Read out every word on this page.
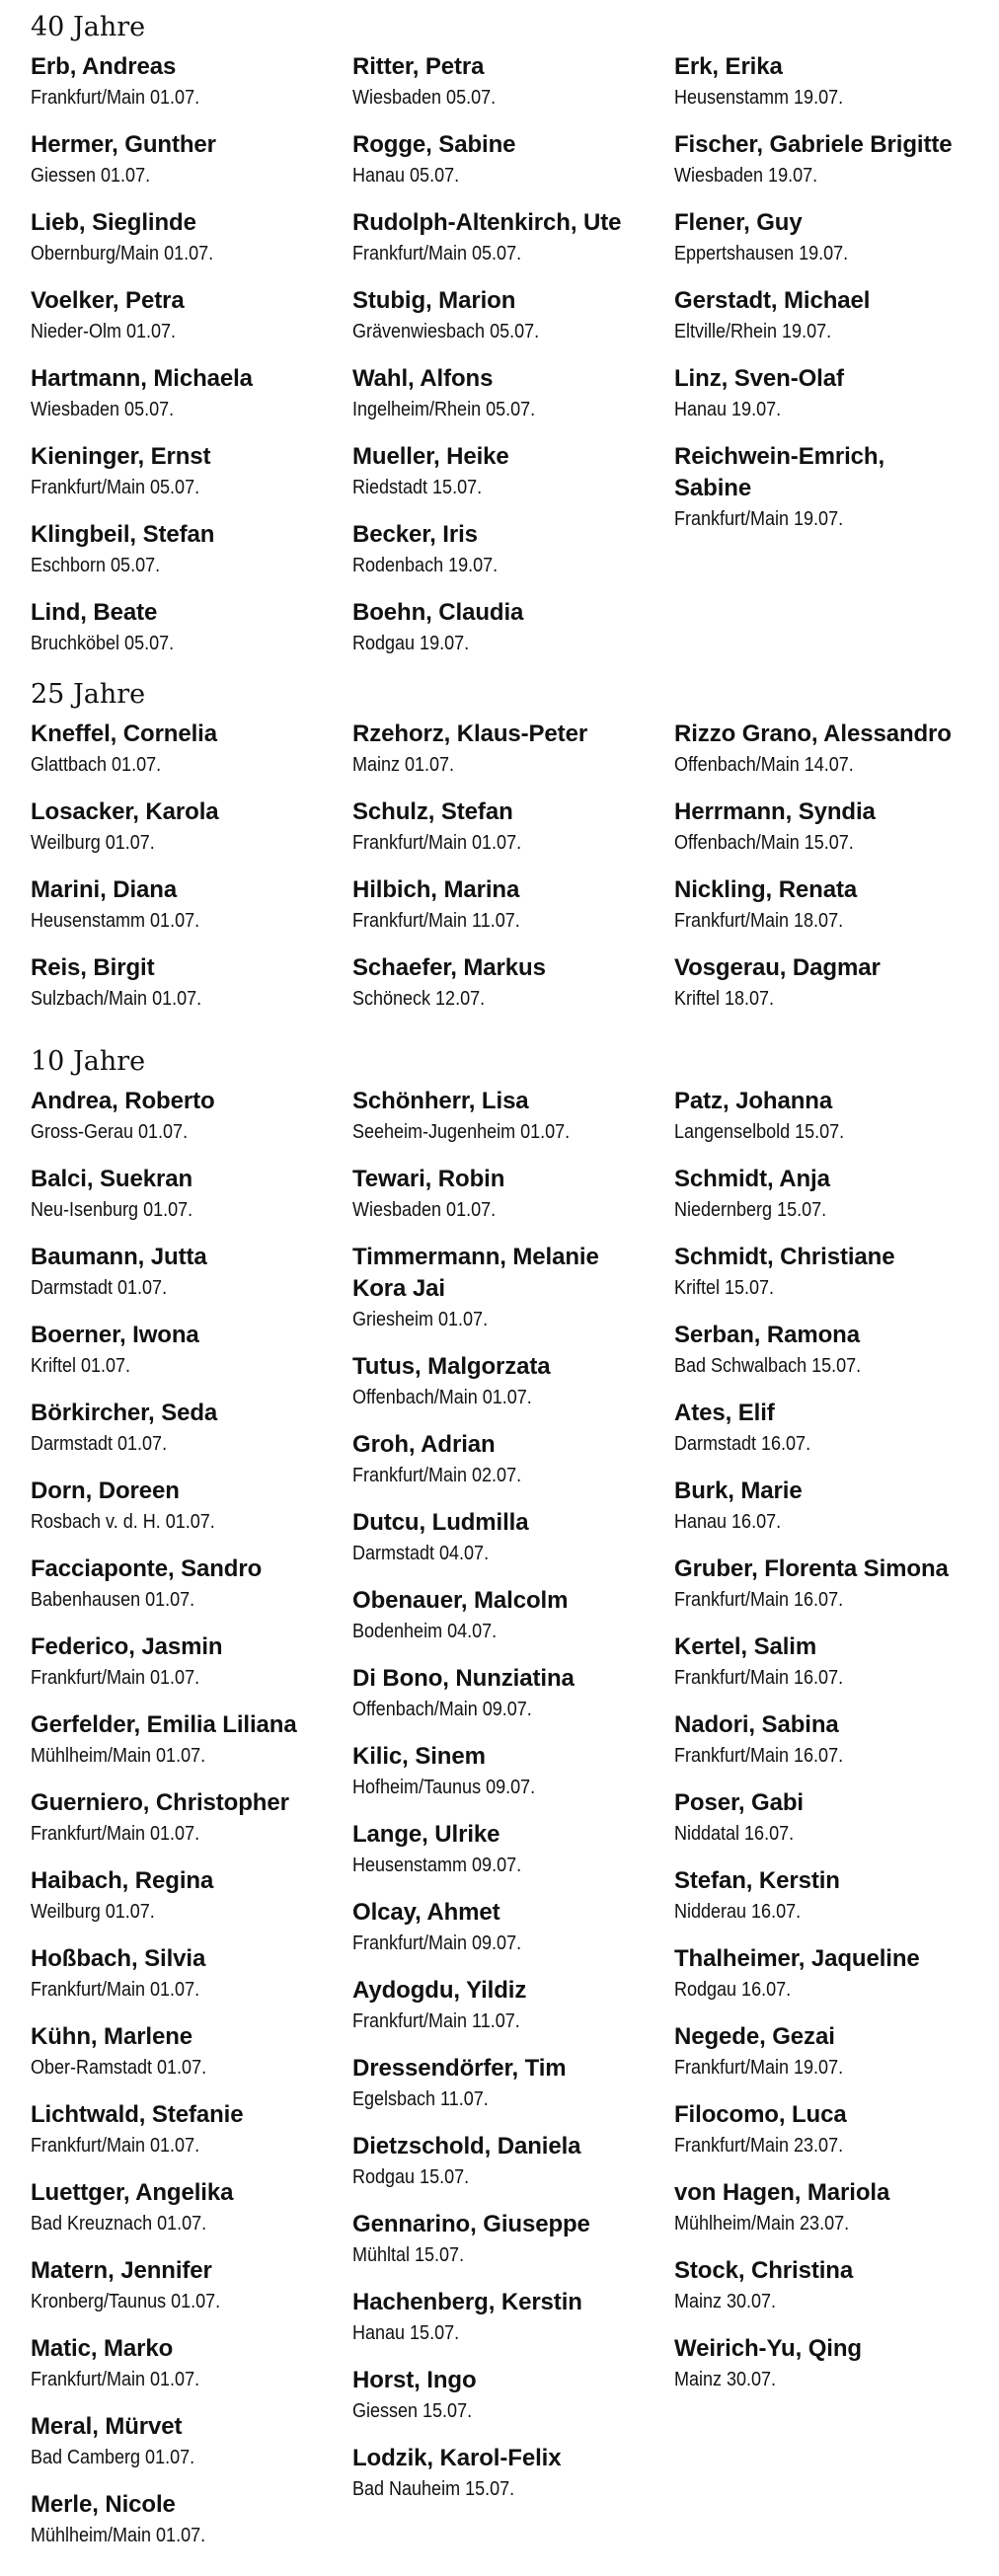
40 Jahre
Erb, Andreas
Frankfurt/Main 01.07.
Hermer, Gunther
Giessen 01.07.
Lieb, Sieglinde
Obernburg/Main 01.07.
Voelker, Petra
Nieder-Olm 01.07.
Hartmann, Michaela
Wiesbaden 05.07.
Kieninger, Ernst
Frankfurt/Main 05.07.
Klingbeil, Stefan
Eschborn 05.07.
Lind, Beate
Bruchköbel 05.07.
Ritter, Petra
Wiesbaden 05.07.
Rogge, Sabine
Hanau 05.07.
Rudolph-Altenkirch, Ute
Frankfurt/Main 05.07.
Stubig, Marion
Grävenwiesbach 05.07.
Wahl, Alfons
Ingelheim/Rhein 05.07.
Mueller, Heike
Riedstadt 15.07.
Becker, Iris
Rodenbach 19.07.
Boehn, Claudia
Rodgau 19.07.
Erk, Erika
Heusenstamm 19.07.
Fischer, Gabriele Brigitte
Wiesbaden 19.07.
Flener, Guy
Eppertshausen 19.07.
Gerstadt, Michael
Eltville/Rhein 19.07.
Linz, Sven-Olaf
Hanau 19.07.
Reichwein-Emrich,
Sabine
Frankfurt/Main 19.07.
25 Jahre
Kneffel, Cornelia
Glattbach 01.07.
Losacker, Karola
Weilburg 01.07.
Marini, Diana
Heusenstamm 01.07.
Reis, Birgit
Sulzbach/Main 01.07.
Rzehorz, Klaus-Peter
Mainz 01.07.
Schulz, Stefan
Frankfurt/Main 01.07.
Hilbich, Marina
Frankfurt/Main 11.07.
Schaefer, Markus
Schöneck 12.07.
Rizzo Grano, Alessandro
Offenbach/Main 14.07.
Herrmann, Syndia
Offenbach/Main 15.07.
Nickling, Renata
Frankfurt/Main 18.07.
Vosgerau, Dagmar
Kriftel 18.07.
10 Jahre
Andrea, Roberto
Gross-Gerau 01.07.
Balci, Suekran
Neu-Isenburg 01.07.
Baumann, Jutta
Darmstadt 01.07.
Boerner, Iwona
Kriftel 01.07.
Börkircher, Seda
Darmstadt 01.07.
Dorn, Doreen
Rosbach v. d. H. 01.07.
Facciaponte, Sandro
Babenhausen 01.07.
Federico, Jasmin
Frankfurt/Main 01.07.
Gerfelder, Emilia Liliana
Mühlheim/Main 01.07.
Guerniero, Christopher
Frankfurt/Main 01.07.
Haibach, Regina
Weilburg 01.07.
Hoßbach, Silvia
Frankfurt/Main 01.07.
Kühn, Marlene
Ober-Ramstadt 01.07.
Lichtwald, Stefanie
Frankfurt/Main 01.07.
Luettger, Angelika
Bad Kreuznach 01.07.
Matern, Jennifer
Kronberg/Taunus 01.07.
Matic, Marko
Frankfurt/Main 01.07.
Meral, Mürvet
Bad Camberg 01.07.
Merle, Nicole
Mühlheim/Main 01.07.
Schönherr, Lisa
Seeheim-Jugenheim 01.07.
Tewari, Robin
Wiesbaden 01.07.
Timmermann, Melanie
Kora Jai
Griesheim 01.07.
Tutus, Malgorzata
Offenbach/Main 01.07.
Groh, Adrian
Frankfurt/Main 02.07.
Dutcu, Ludmilla
Darmstadt 04.07.
Obenauer, Malcolm
Bodenheim 04.07.
Di Bono, Nunziatina
Offenbach/Main 09.07.
Kilic, Sinem
Hofheim/Taunus 09.07.
Lange, Ulrike
Heusenstamm 09.07.
Olcay, Ahmet
Frankfurt/Main 09.07.
Aydogdu, Yildiz
Frankfurt/Main 11.07.
Dressendörfer, Tim
Egelsbach 11.07.
Dietzschold, Daniela
Rodgau 15.07.
Gennarino, Giuseppe
Mühltal 15.07.
Hachenberg, Kerstin
Hanau 15.07.
Horst, Ingo
Giessen 15.07.
Lodzik, Karol-Felix
Bad Nauheim 15.07.
Patz, Johanna
Langenselbold 15.07.
Schmidt, Anja
Niedernberg 15.07.
Schmidt, Christiane
Kriftel 15.07.
Serban, Ramona
Bad Schwalbach 15.07.
Ates, Elif
Darmstadt 16.07.
Burk, Marie
Hanau 16.07.
Gruber, Florenta Simona
Frankfurt/Main 16.07.
Kertel, Salim
Frankfurt/Main 16.07.
Nadori, Sabina
Frankfurt/Main 16.07.
Poser, Gabi
Niddatal 16.07.
Stefan, Kerstin
Nidderau 16.07.
Thalheimer, Jaqueline
Rodgau 16.07.
Negede, Gezai
Frankfurt/Main 19.07.
Filocomo, Luca
Frankfurt/Main 23.07.
von Hagen, Mariola
Mühlheim/Main 23.07.
Stock, Christina
Mainz 30.07.
Weirich-Yu, Qing
Mainz 30.07.
